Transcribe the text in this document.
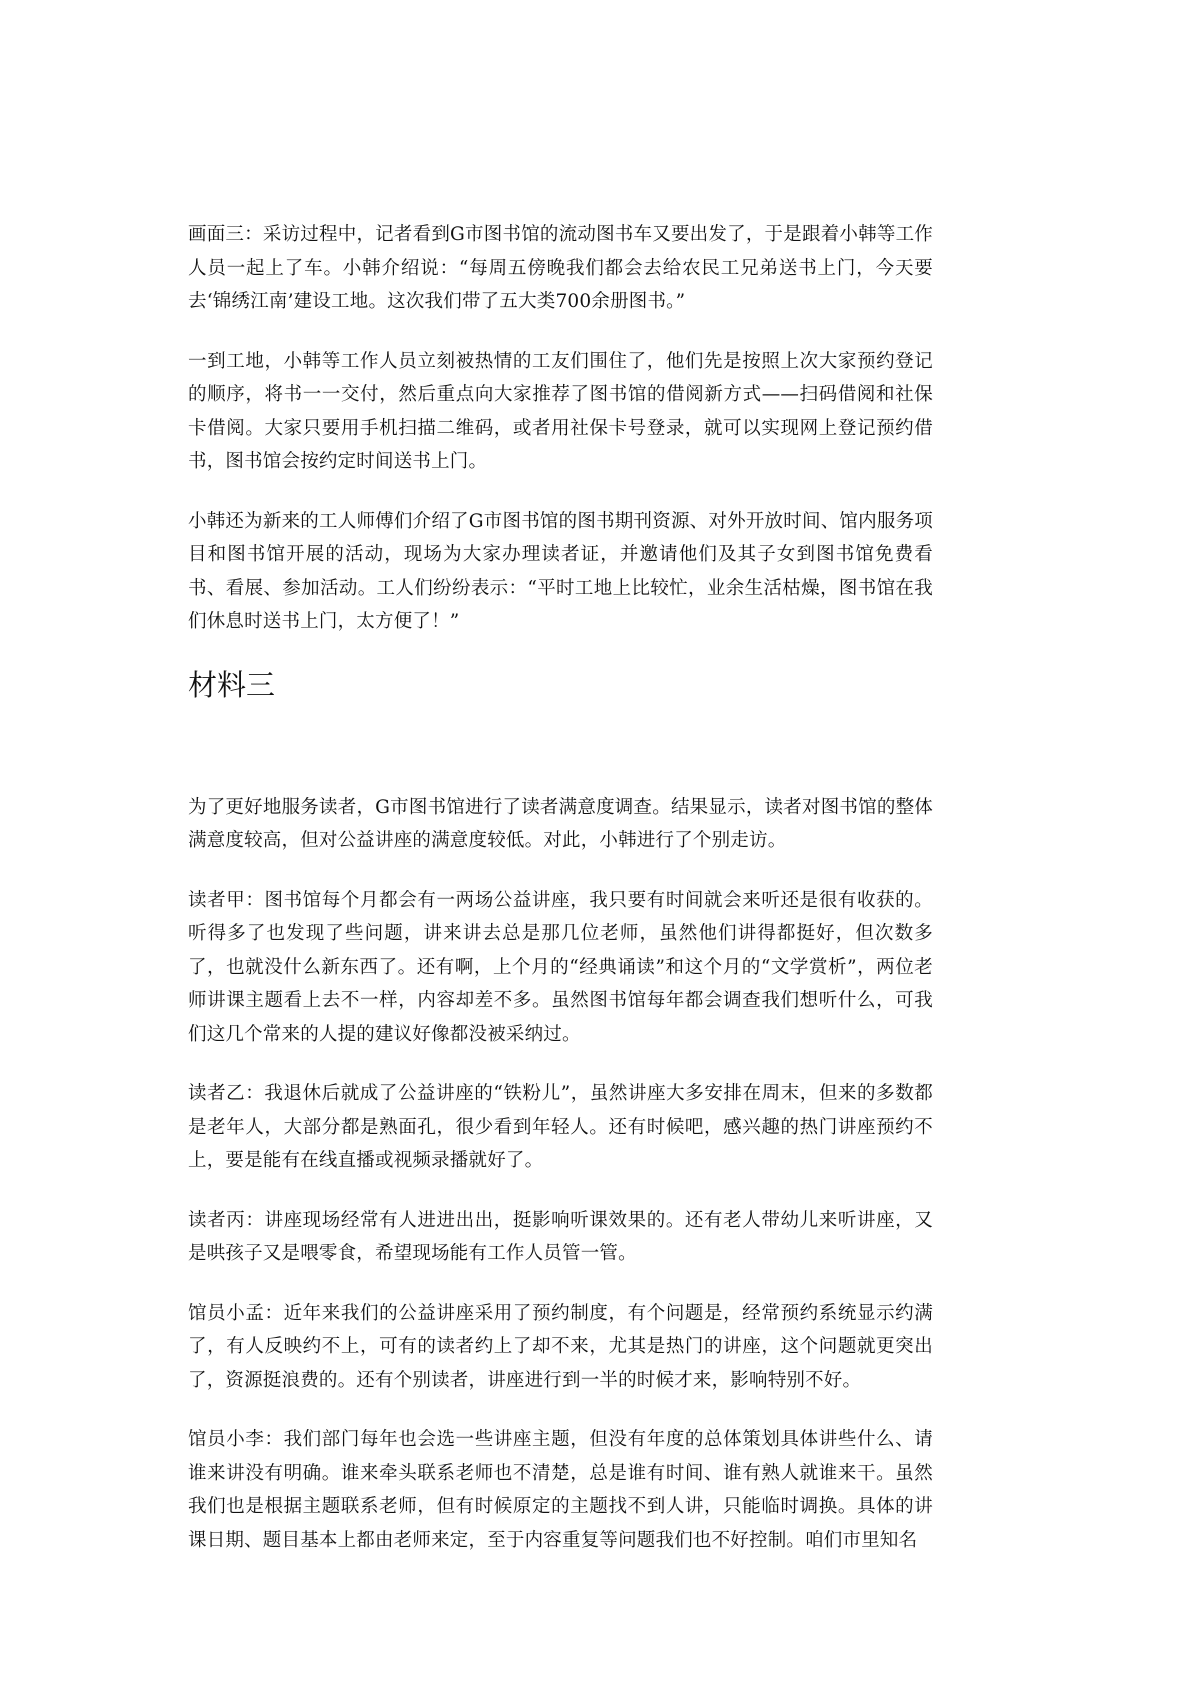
画面三：采访过程中，记者看到G市图书馆的流动图书车又要出发了，于是跟着小韩等工作人员一起上了车。小韩介绍说：“每周五傍晚我们都会去给农民工兄弟送书上门，今天要去‘锦绣江南’建设工地。这次我们带了五大类700余册图书。”

一到工地，小韩等工作人员立刻被热情的工友们围住了，他们先是按照上次大家预约登记的顺序，将书一一交付，然后重点向大家推荐了图书馆的借阅新方式——扫码借阅和社保卡借阅。大家只要用手机扫描二维码，或者用社保卡号登录，就可以实现网上登记预约借书，图书馆会按约定时间送书上门。

小韩还为新来的工人师傅们介绍了G市图书馆的图书期刊资源、对外开放时间、馆内服务项目和图书馆开展的活动，现场为大家办理读者证，并邀请他们及其子女到图书馆免费看书、看展、参加活动。工人们纷纷表示：“平时工地上比较忙，业余生活枯燥，图书馆在我们休息时送书上门，太方便了！”

材料三

为了更好地服务读者，G市图书馆进行了读者满意度调查。结果显示，读者对图书馆的整体满意度较高，但对公益讲座的满意度较低。对此，小韩进行了个别走访。

读者甲：图书馆每个月都会有一两场公益讲座，我只要有时间就会来听还是很有收获的。听得多了也发现了些问题，讲来讲去总是那几位老师，虽然他们讲得都挺好，但次数多了，也就没什么新东西了。还有啊，上个月的“经典诵读”和这个月的“文学赏析”，两位老师讲课主题看上去不一样，内容却差不多。虽然图书馆每年都会调查我们想听什么，可我们这几个常来的人提的建议好像都没被采纳过。

读者乙：我退休后就成了公益讲座的“铁粉儿”，虽然讲座大多安排在周末，但来的多数都是老年人，大部分都是熟面孔，很少看到年轻人。还有时候吧，感兴趣的热门讲座预约不上，要是能有在线直播或视频录播就好了。

读者丙：讲座现场经常有人进进出出，挺影响听课效果的。还有老人带幼儿来听讲座，又是哄孩子又是喂零食，希望现场能有工作人员管一管。

馆员小孟：近年来我们的公益讲座采用了预约制度，有个问题是，经常预约系统显示约满了，有人反映约不上，可有的读者约上了却不来，尤其是热门的讲座，这个问题就更突出了，资源挺浪费的。还有个别读者，讲座进行到一半的时候才来，影响特别不好。

馆员小李：我们部门每年也会选一些讲座主题，但没有年度的总体策划具体讲些什么、请谁来讲没有明确。谁来牵头联系老师也不清楚，总是谁有时间、谁有熟人就谁来干。虽然我们也是根据主题联系老师，但有时候原定的主题找不到人讲，只能临时调换。具体的讲课日期、题目基本上都由老师来定，至于内容重复等问题我们也不好控制。咱们市里知名
